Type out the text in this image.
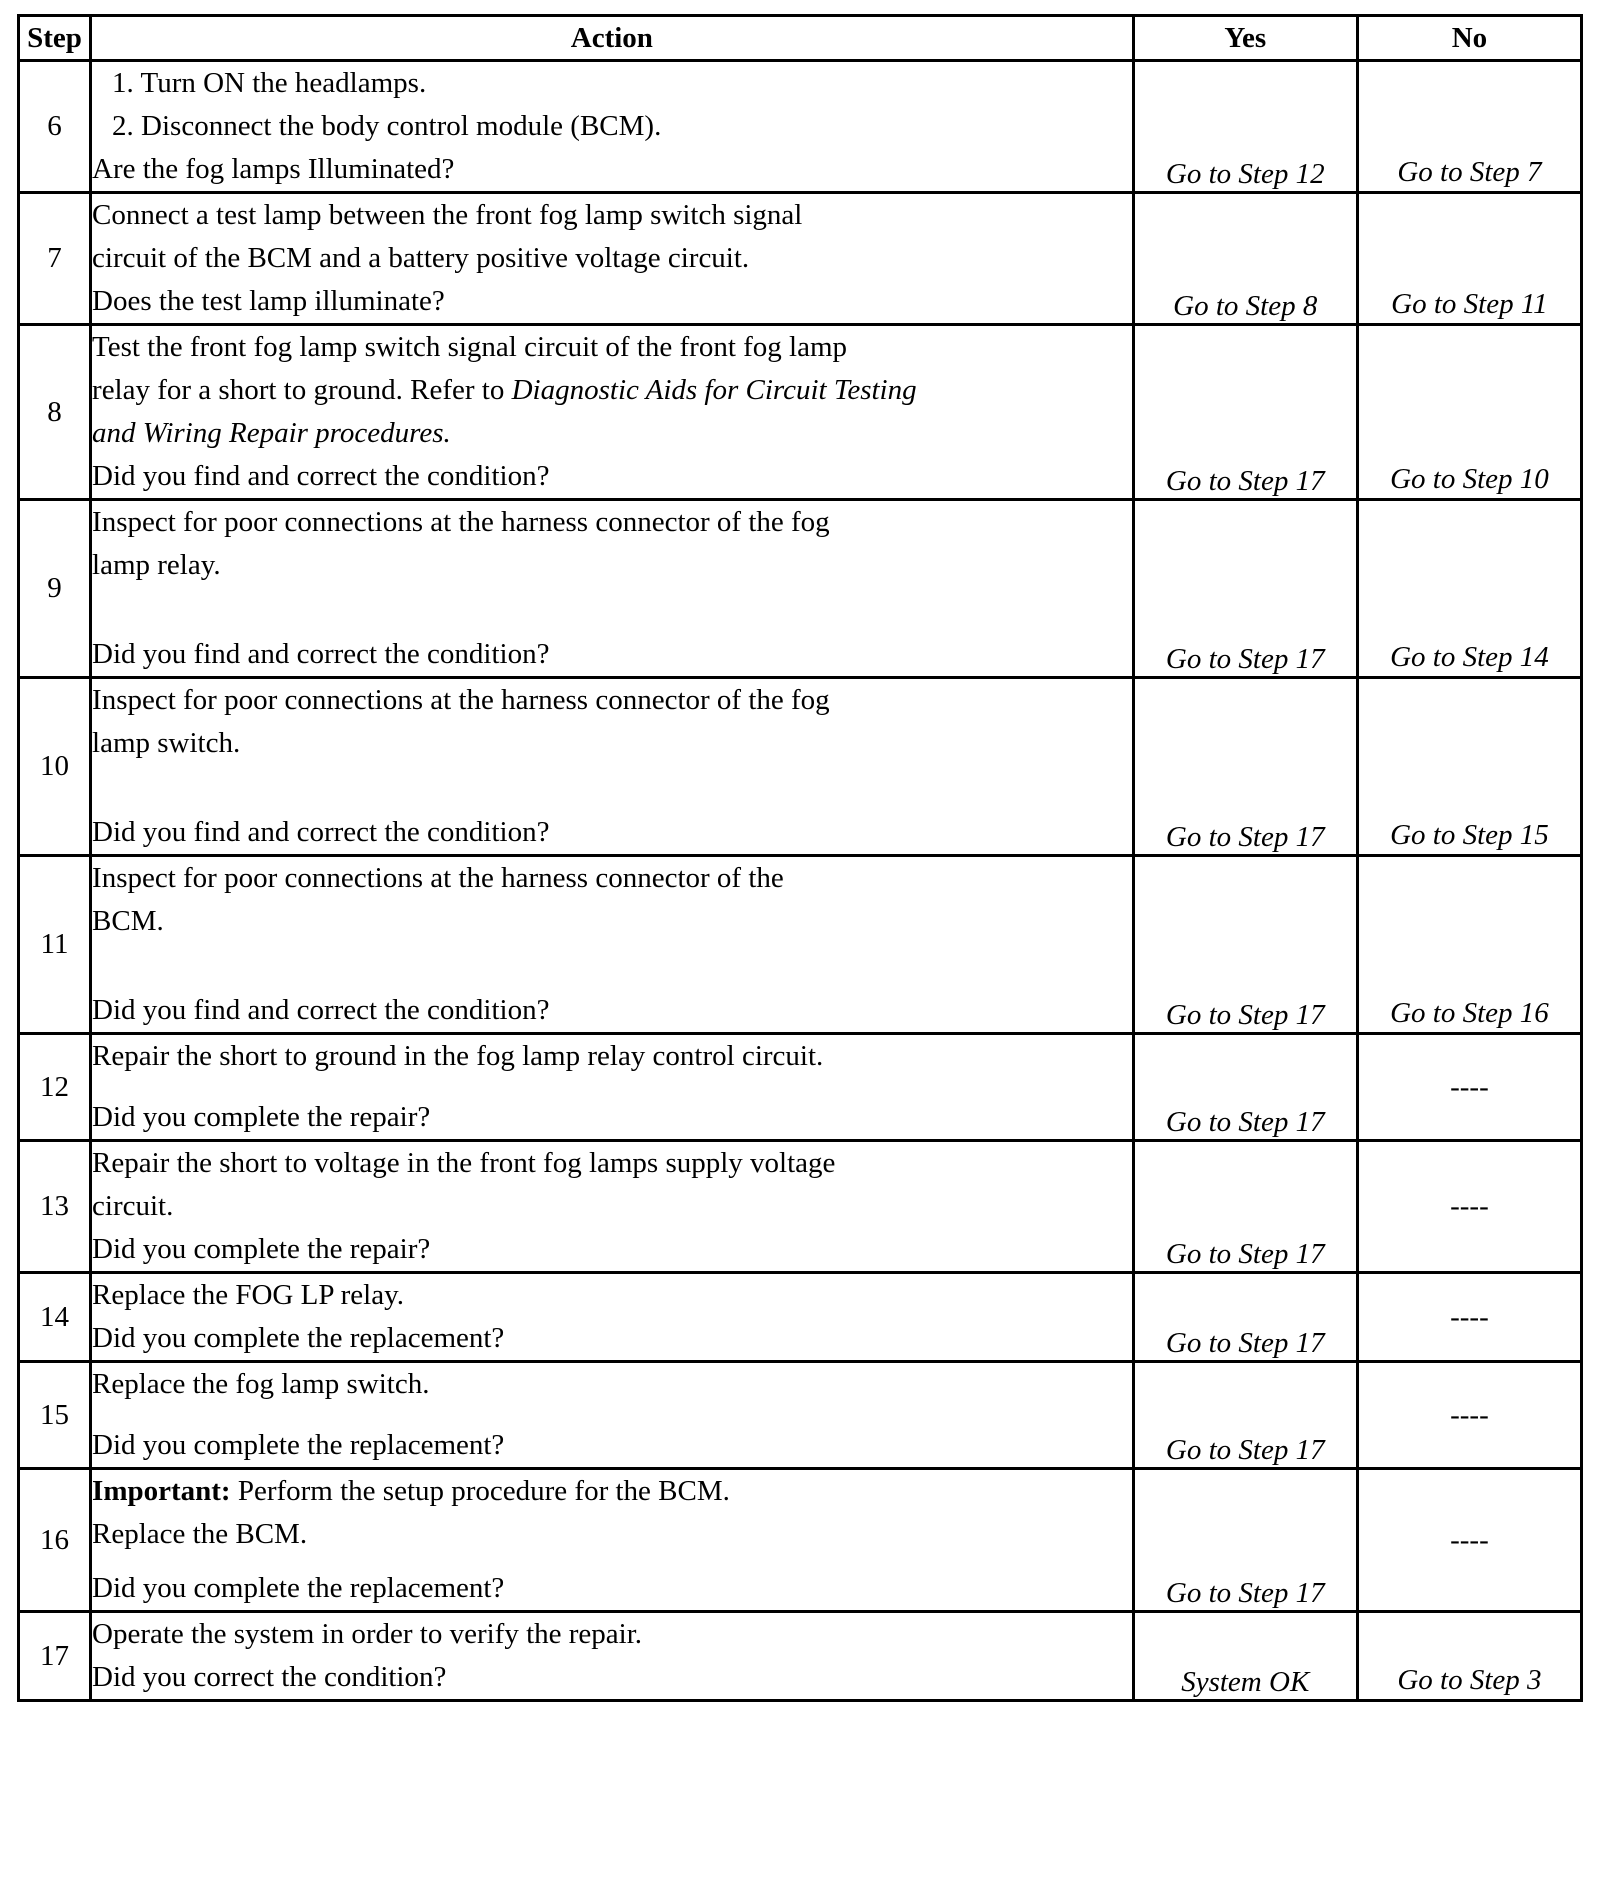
Step	Action	Yes	No
6	1. Turn ON the headlamps.
2. Disconnect the body control module (BCM).
Are the fog lamps Illuminated?	Go to Step 12	Go to Step 7
7	Connect a test lamp between the front fog lamp switch signal
circuit of the BCM and a battery positive voltage circuit.
Does the test lamp illuminate?	Go to Step 8	Go to Step 11
8	Test the front fog lamp switch signal circuit of the front fog lamp
relay for a short to ground. Refer to Diagnostic Aids for Circuit Testing
and Wiring Repair procedures.
Did you find and correct the condition?	Go to Step 17	Go to Step 10
9	Inspect for poor connections at the harness connector of the fog
lamp relay.
Did you find and correct the condition?	Go to Step 17	Go to Step 14
10	Inspect for poor connections at the harness connector of the fog
lamp switch.
Did you find and correct the condition?	Go to Step 17	Go to Step 15
11	Inspect for poor connections at the harness connector of the
BCM.
Did you find and correct the condition?	Go to Step 17	Go to Step 16
12	Repair the short to ground in the fog lamp relay control circuit.
Did you complete the repair?	Go to Step 17	----
13	Repair the short to voltage in the front fog lamps supply voltage
circuit.
Did you complete the repair?	Go to Step 17	----
14	Replace the FOG LP relay.
Did you complete the replacement?	Go to Step 17	----
15	Replace the fog lamp switch.
Did you complete the replacement?	Go to Step 17	----
16	Important: Perform the setup procedure for the BCM.
Replace the BCM.
Did you complete the replacement?	Go to Step 17	----
17	Operate the system in order to verify the repair.
Did you correct the condition?	System OK	Go to Step 3
